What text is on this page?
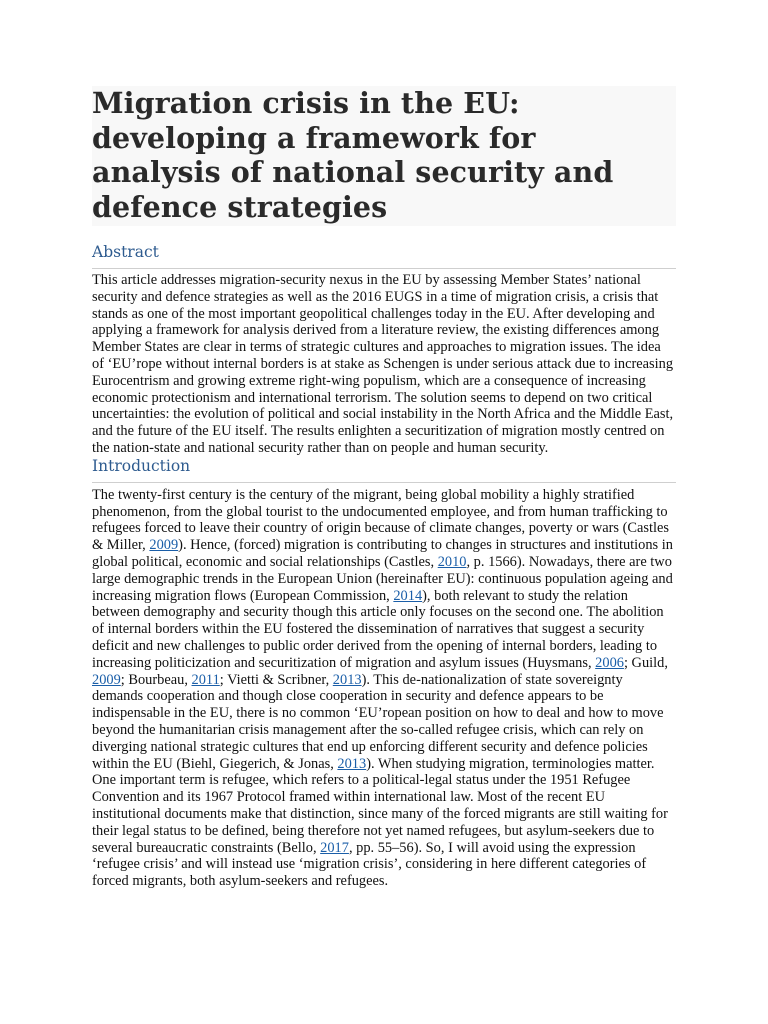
Migration crisis in the EU: developing a framework for analysis of national security and defence strategies
Abstract

This article addresses migration-security nexus in the EU by assessing Member States’ national security and defence strategies as well as the 2016 EUGS in a time of migration crisis, a crisis that stands as one of the most important geopolitical challenges today in the EU. After developing and applying a framework for analysis derived from a literature review, the existing differences among Member States are clear in terms of strategic cultures and approaches to migration issues. The idea of ‘EU’rope without internal borders is at stake as Schengen is under serious attack due to increasing Eurocentrism and growing extreme right-wing populism, which are a consequence of increasing economic protectionism and international terrorism. The solution seems to depend on two critical uncertainties: the evolution of political and social instability in the North Africa and the Middle East, and the future of the EU itself. The results enlighten a securitization of migration mostly centred on the nation-state and national security rather than on people and human security.

Introduction

The twenty-first century is the century of the migrant, being global mobility a highly stratified phenomenon, from the global tourist to the undocumented employee, and from human trafficking to refugees forced to leave their country of origin because of climate changes, poverty or wars (Castles & Miller, 2009). Hence, (forced) migration is contributing to changes in structures and institutions in global political, economic and social relationships (Castles, 2010, p. 1566). Nowadays, there are two large demographic trends in the European Union (hereinafter EU): continuous population ageing and increasing migration flows (European Commission, 2014), both relevant to study the relation between demography and security though this article only focuses on the second one. The abolition of internal borders within the EU fostered the dissemination of narratives that suggest a security deficit and new challenges to public order derived from the opening of internal borders, leading to increasing politicization and securitization of migration and asylum issues (Huysmans, 2006; Guild, 2009; Bourbeau, 2011; Vietti & Scribner, 2013). This de-nationalization of state sovereignty demands cooperation and though close cooperation in security and defence appears to be indispensable in the EU, there is no common ‘EU’ropean position on how to deal and how to move beyond the humanitarian crisis management after the so-called refugee crisis, which can rely on diverging national strategic cultures that end up enforcing different security and defence policies within the EU (Biehl, Giegerich, & Jonas, 2013). When studying migration, terminologies matter. One important term is refugee, which refers to a political-legal status under the 1951 Refugee Convention and its 1967 Protocol framed within international law. Most of the recent EU institutional documents make that distinction, since many of the forced migrants are still waiting for their legal status to be defined, being therefore not yet named refugees, but asylum-seekers due to several bureaucratic constraints (Bello, 2017, pp. 55–56). So, I will avoid using the expression ‘refugee crisis’ and will instead use ‘migration crisis’, considering in here different categories of forced migrants, both asylum-seekers and refugees.
